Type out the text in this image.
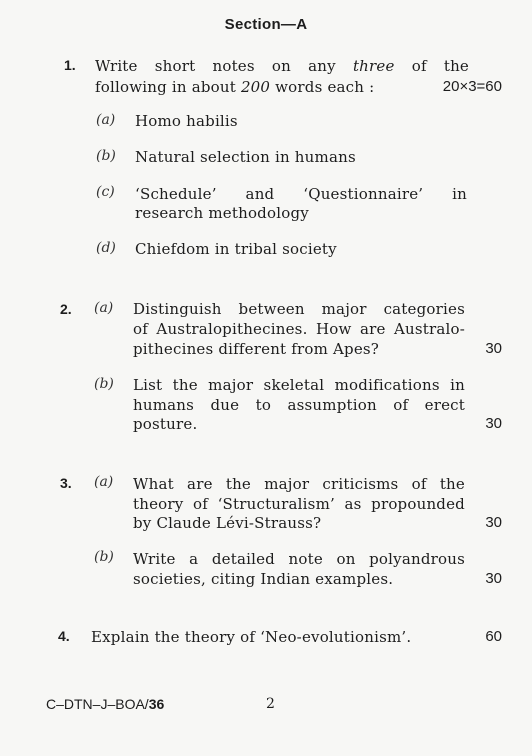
Section—A
1. Write short notes on any three of the
following in about 200 words each :	20×3=60
(a) Homo habilis
(b) Natural selection in humans
(c) ‘Schedule’ and ‘Questionnaire’ in
research methodology
(d) Chiefdom in tribal society
2. (a) Distinguish between major categories
of Australopithecines. How are Australo-
pithecines different from Apes?	30
(b) List the major skeletal modifications in
humans due to assumption of erect
posture.	30
3. (a) What are the major criticisms of the
theory of ‘Structuralism’ as propounded
by Claude Lévi-Strauss?	30
(b) Write a detailed note on polyandrous
societies, citing Indian examples.	30
4. Explain the theory of ‘Neo-evolutionism’.	60
C–DTN–J–BOA/36	2
